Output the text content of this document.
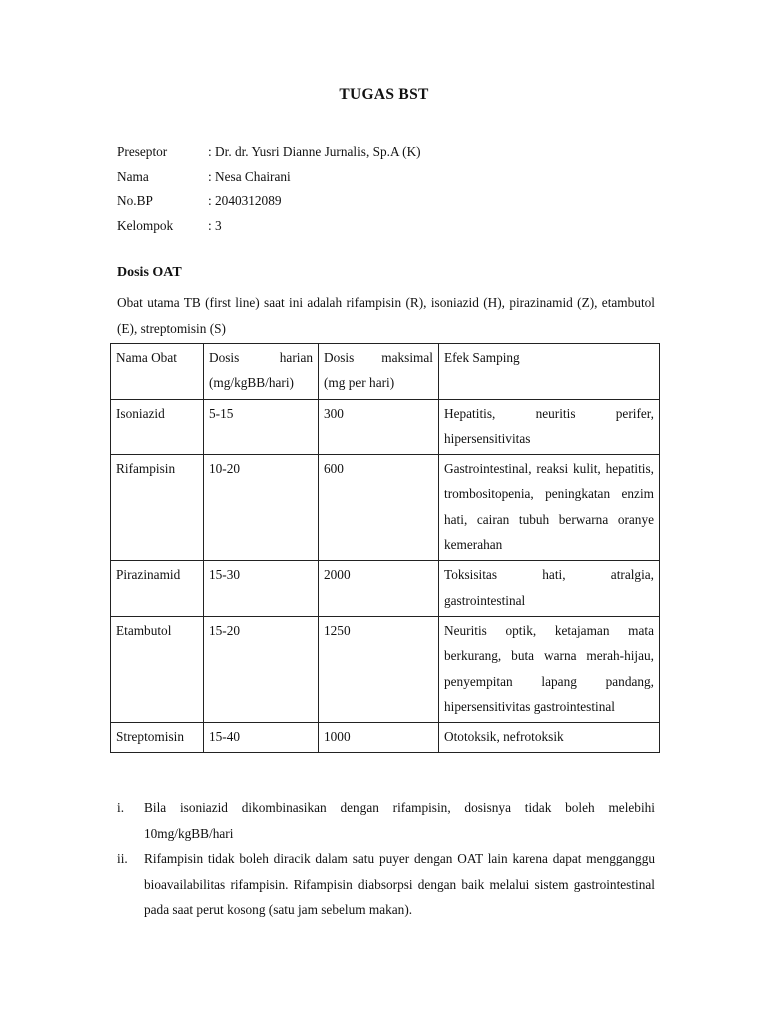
TUGAS BST
Preseptor	: Dr. dr. Yusri Dianne Jurnalis, Sp.A (K)
Nama	: Nesa Chairani
No.BP	: 2040312089
Kelompok	: 3
Dosis OAT
Obat utama TB (first line) saat ini adalah rifampisin (R), isoniazid (H), pirazinamid (Z), etambutol (E), streptomisin (S)
Nama Obat	Dosis harian (mg/kgBB/hari)	Dosis maksimal (mg per hari)	Efek Samping
Isoniazid	5-15	300	Hepatitis, neuritis perifer, hipersensitivitas
Rifampisin	10-20	600	Gastrointestinal, reaksi kulit, hepatitis, trombositopenia, peningkatan enzim hati, cairan tubuh berwarna oranye kemerahan
Pirazinamid	15-30	2000	Toksisitas hati, atralgia, gastrointestinal
Etambutol	15-20	1250	Neuritis optik, ketajaman mata berkurang, buta warna merah-hijau, penyempitan lapang pandang, hipersensitivitas gastrointestinal
Streptomisin	15-40	1000	Ototoksik, nefrotoksik
i.	Bila isoniazid dikombinasikan dengan rifampisin, dosisnya tidak boleh melebihi 10mg/kgBB/hari
ii.	Rifampisin tidak boleh diracik dalam satu puyer dengan OAT lain karena dapat mengganggu bioavailabilitas rifampisin. Rifampisin diabsorpsi dengan baik melalui sistem gastrointestinal pada saat perut kosong (satu jam sebelum makan).
